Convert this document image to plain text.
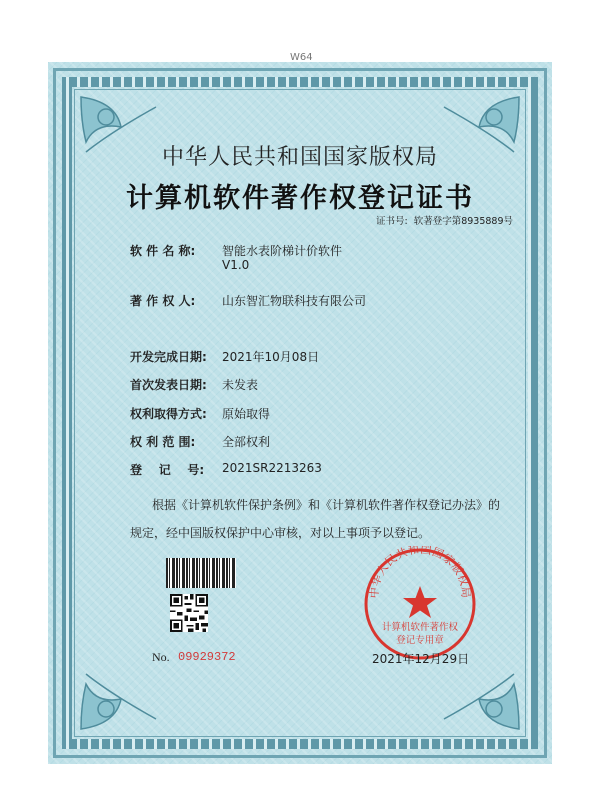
W64
中华人民共和国国家版权局
计算机软件著作权登记证书
证书号: 软著登字第8935889号
软 件 名 称: 智能水表阶梯计价软件
V1.0
著 作 权 人: 山东智汇物联科技有限公司
开发完成日期: 2021年10月08日
首次发表日期: 未发表
权利取得方式: 原始取得
权 利 范 围: 全部权利
登    记    号: 2021SR2213263
根据《计算机软件保护条例》和《计算机软件著作权登记办法》的
规定，经中国版权保护中心审核，对以上事项予以登记。
No. 09929372
中华人民共和国国家版权局
计算机软件著作权
登记专用章
2021年12月29日
